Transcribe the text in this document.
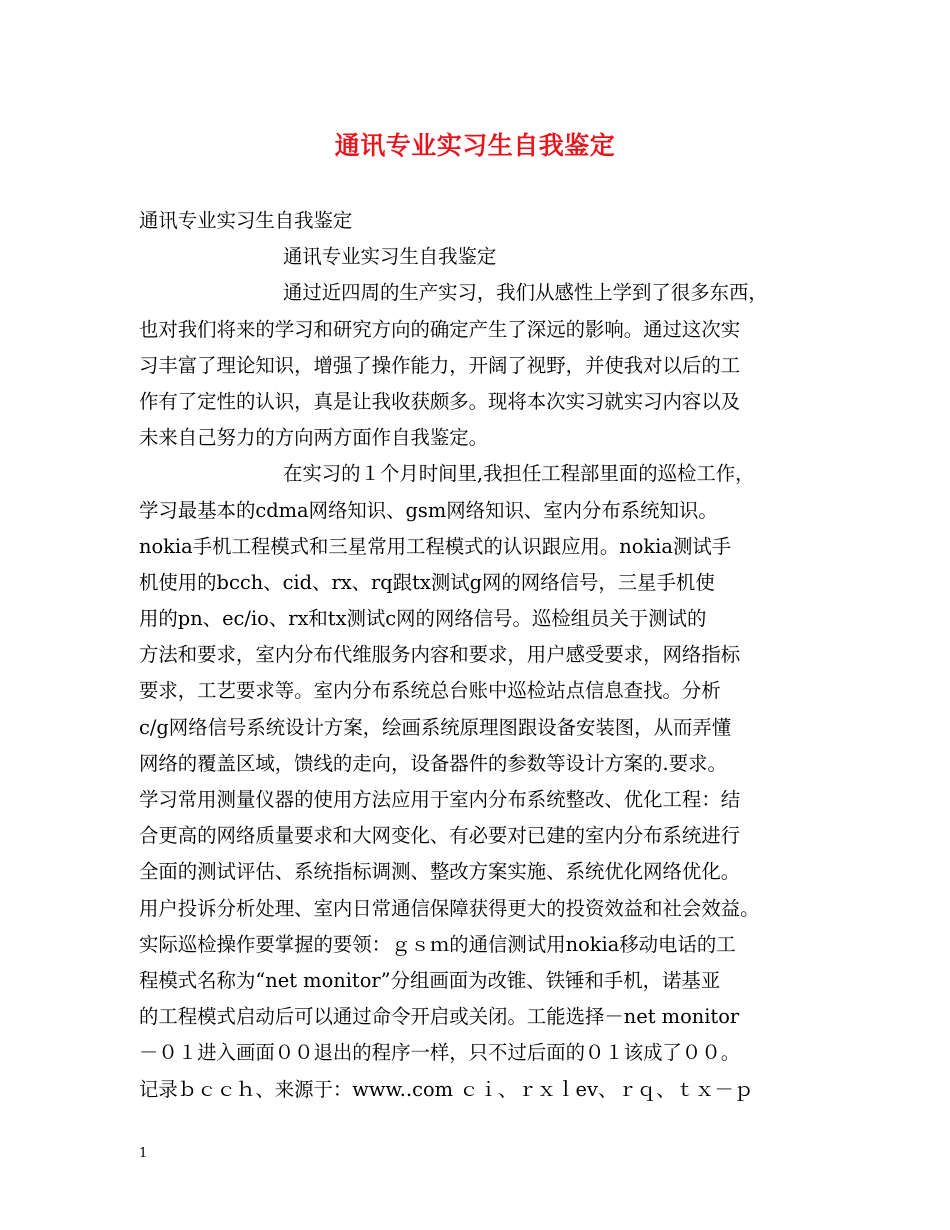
通讯专业实习生自我鉴定
通讯专业实习生自我鉴定
通讯专业实习生自我鉴定
通过近四周的生产实习，我们从感性上学到了很多东西，
也对我们将来的学习和研究方向的确定产生了深远的影响。通过这次实
习丰富了理论知识，增强了操作能力，开阔了视野，并使我对以后的工
作有了定性的认识，真是让我收获颇多。现将本次实习就实习内容以及
未来自己努力的方向两方面作自我鉴定。
在实习的１个月时间里,我担任工程部里面的巡检工作，
学习最基本的cdma网络知识、gsm网络知识、室内分布系统知识。
nokia手机工程模式和三星常用工程模式的认识跟应用。nokia测试手
机使用的bcch、cid、rx、rq跟tx测试g网的网络信号，三星手机使
用的pn、ec/io、rx和tx测试c网的网络信号。巡检组员关于测试的
方法和要求，室内分布代维服务内容和要求，用户感受要求，网络指标
要求，工艺要求等。室内分布系统总台账中巡检站点信息查找。分析
c/g网络信号系统设计方案，绘画系统原理图跟设备安装图，从而弄懂
网络的覆盖区域，馈线的走向，设备器件的参数等设计方案的.要求。
学习常用测量仪器的使用方法应用于室内分布系统整改、优化工程：结
合更高的网络质量要求和大网变化、有必要对已建的室内分布系统进行
全面的测试评估、系统指标调测、整改方案实施、系统优化网络优化。
用户投诉分析处理、室内日常通信保障获得更大的投资效益和社会效益。
实际巡检操作要掌握的要领：ｇｓｍ的通信测试用nokia移动电话的工
程模式名称为“net monitor”分组画面为改锥、铁锤和手机，诺基亚
的工程模式启动后可以通过命令开启或关闭。工能选择－net monitor
－０１进入画面００退出的程序一样，只不过后面的０１该成了００。
记录ｂｃｃｈ、来源于：www..com ｃｉ、ｒｘｌev、ｒｑ、ｔｘ－ｐ
1
